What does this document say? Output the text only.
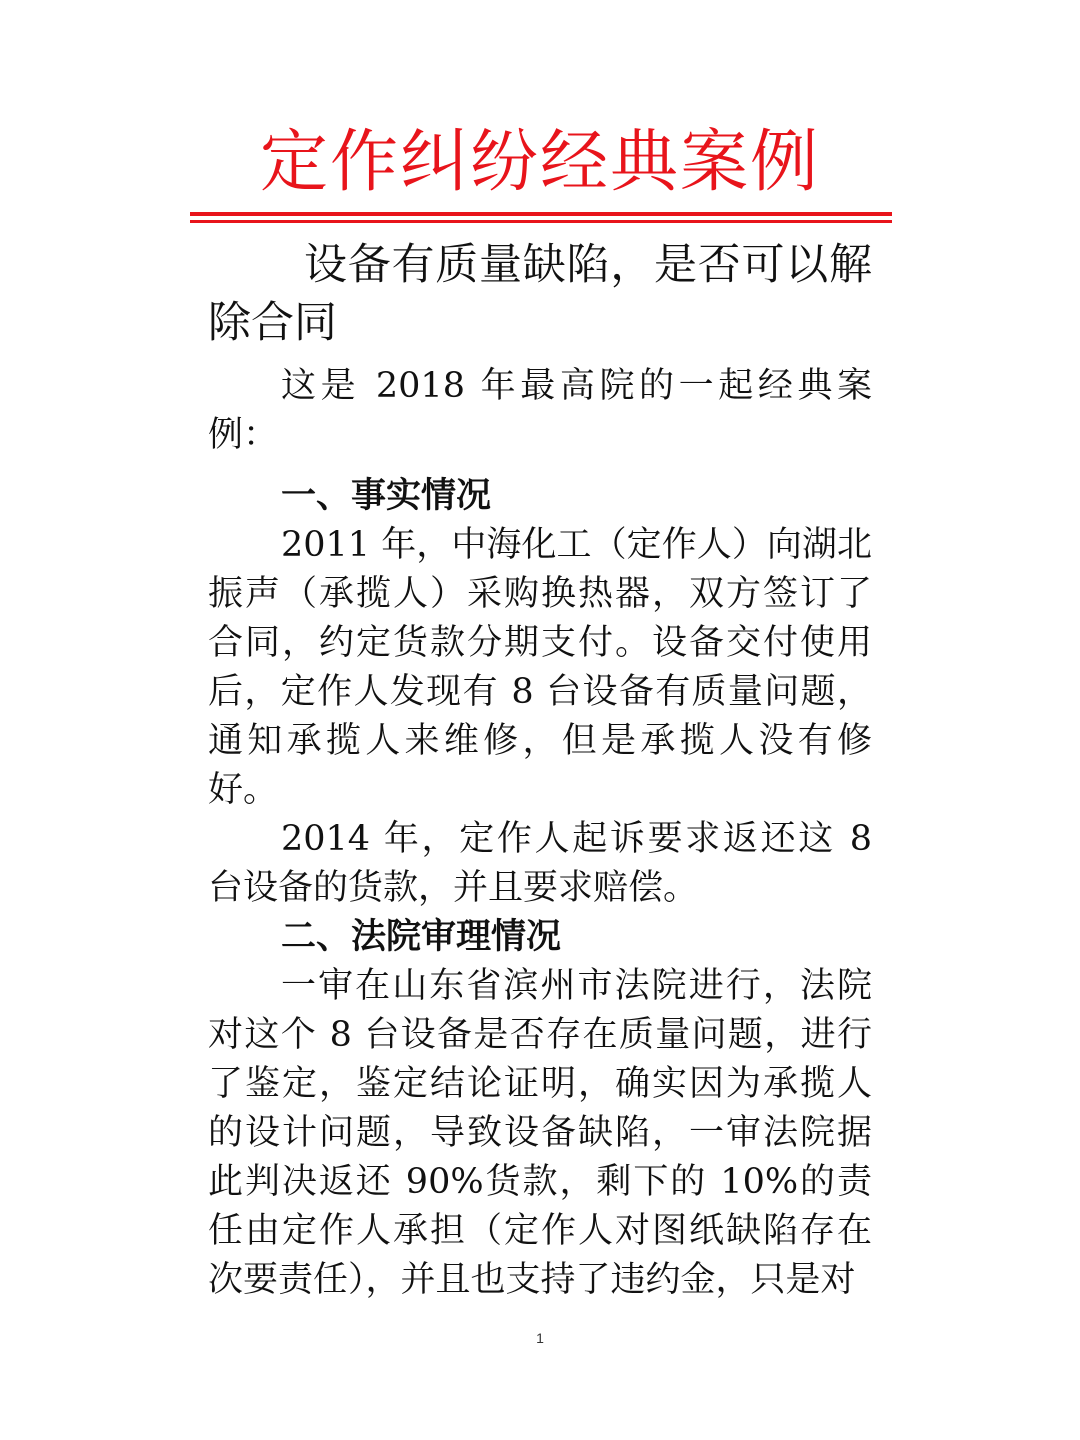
定作纠纷经典案例

设备有质量缺陷，是否可以解除合同

这是 2018 年最高院的一起经典案例：

一、事实情况

2011 年，中海化工（定作人）向湖北振声（承揽人）采购换热器，双方签订了合同，约定货款分期支付。设备交付使用后，定作人发现有 8 台设备有质量问题，通知承揽人来维修，但是承揽人没有修好。

2014 年，定作人起诉要求返还这 8 台设备的货款，并且要求赔偿。

二、法院审理情况

一审在山东省滨州市法院进行，法院对这个 8 台设备是否存在质量问题，进行了鉴定，鉴定结论证明，确实因为承揽人的设计问题，导致设备缺陷，一审法院据此判决返还 90%货款，剩下的 10%的责任由定作人承担（定作人对图纸缺陷存在次要责任），并且也支持了违约金，只是对

1
